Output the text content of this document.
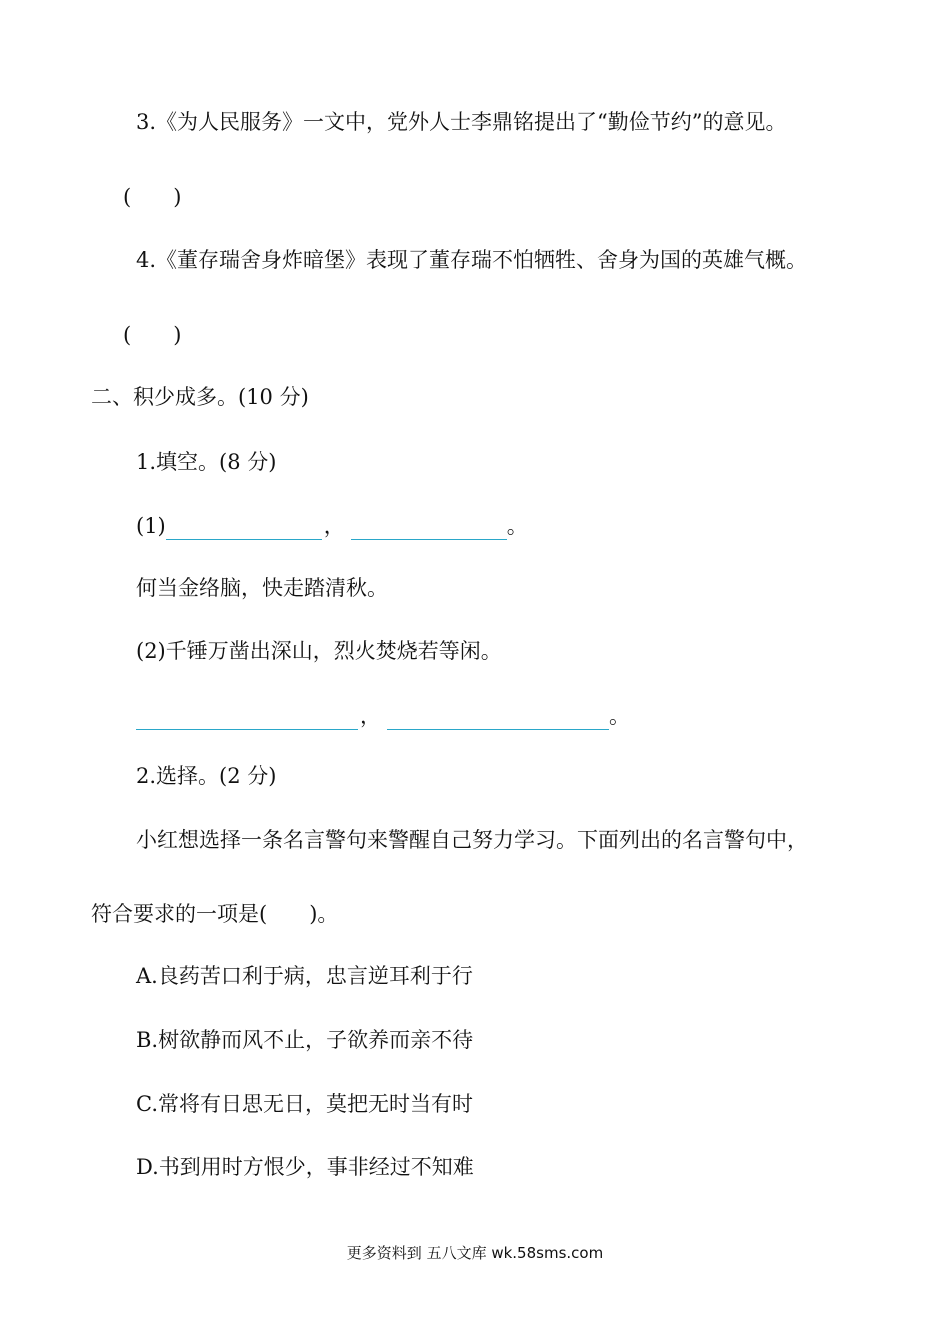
3.《为人民服务》一文中，党外人士李鼎铭提出了“勤俭节约”的意见。
(　　)
4.《董存瑞舍身炸暗堡》表现了董存瑞不怕牺牲、舍身为国的英雄气概。
(　　)
二、积少成多。(10 分)
1.填空。(8 分)
(1)	，	。
何当金络脑，快走踏清秋。
(2)千锤万凿出深山，烈火焚烧若等闲。
，	。
2.选择。(2 分)
小红想选择一条名言警句来警醒自己努力学习。下面列出的名言警句中，
符合要求的一项是(　　)。
A.良药苦口利于病，忠言逆耳利于行
B.树欲静而风不止，子欲养而亲不待
C.常将有日思无日，莫把无时当有时
D.书到用时方恨少，事非经过不知难
更多资料到 五八文库 wk.58sms.com
